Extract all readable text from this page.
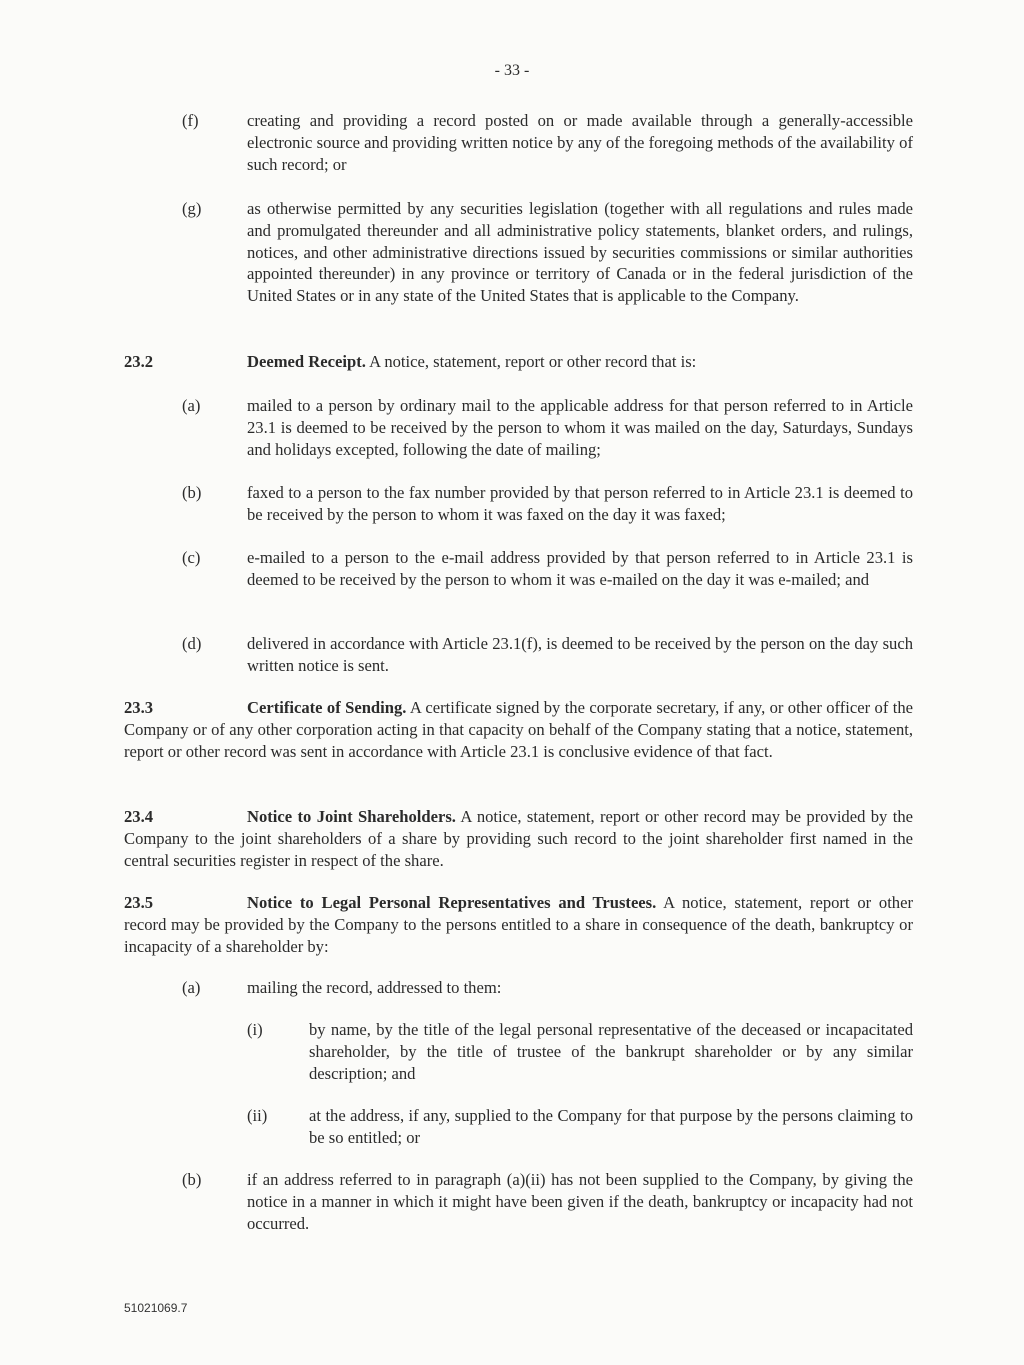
- 33 -
(f)	creating and providing a record posted on or made available through a generally-accessible electronic source and providing written notice by any of the foregoing methods of the availability of such record; or
(g)	as otherwise permitted by any securities legislation (together with all regulations and rules made and promulgated thereunder and all administrative policy statements, blanket orders, and rulings, notices, and other administrative directions issued by securities commissions or similar authorities appointed thereunder) in any province or territory of Canada or in the federal jurisdiction of the United States or in any state of the United States that is applicable to the Company.
23.2	Deemed Receipt. A notice, statement, report or other record that is:
(a)	mailed to a person by ordinary mail to the applicable address for that person referred to in Article 23.1 is deemed to be received by the person to whom it was mailed on the day, Saturdays, Sundays and holidays excepted, following the date of mailing;
(b)	faxed to a person to the fax number provided by that person referred to in Article 23.1 is deemed to be received by the person to whom it was faxed on the day it was faxed;
(c)	e-mailed to a person to the e-mail address provided by that person referred to in Article 23.1 is deemed to be received by the person to whom it was e-mailed on the day it was e-mailed; and
(d)	delivered in accordance with Article 23.1(f), is deemed to be received by the person on the day such written notice is sent.
Certificate of Sending. A certificate signed by the corporate secretary, if any, or other officer of the Company or of any other corporation acting in that capacity on behalf of the Company stating that a notice, statement, report or other record was sent in accordance with Article 23.1 is conclusive evidence of that fact.
23.3
Notice to Joint Shareholders. A notice, statement, report or other record may be provided by the Company to the joint shareholders of a share by providing such record to the joint shareholder first named in the central securities register in respect of the share.
23.4
Notice to Legal Personal Representatives and Trustees. A notice, statement, report or other record may be provided by the Company to the persons entitled to a share in consequence of the death, bankruptcy or incapacity of a shareholder by:
23.5
(a)	mailing the record, addressed to them:
(i)	by name, by the title of the legal personal representative of the deceased or incapacitated shareholder, by the title of trustee of the bankrupt shareholder or by any similar description; and
(ii)	at the address, if any, supplied to the Company for that purpose by the persons claiming to be so entitled; or
(b)	if an address referred to in paragraph (a)(ii) has not been supplied to the Company, by giving the notice in a manner in which it might have been given if the death, bankruptcy or incapacity had not occurred.
51021069.7
